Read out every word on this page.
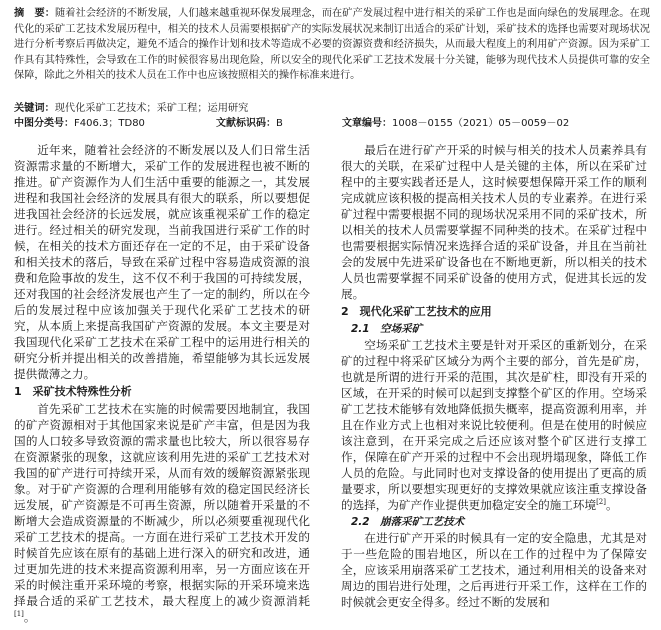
摘　要：随着社会经济的不断发展，人们越来越重视环保发展理念，而在矿产发展过程中进行相关的采矿工作也是面向绿色的发展理念。在现代化的采矿工艺技术发展历程中，相关的技术人员需要根据矿产的实际发展状况来制订出适合的采矿计划，采矿技术的选择也需要对现场状况进行分析考察后再做决定，避免不适合的操作计划和技术等造成不必要的资源资费和经济损失，从而最大程度上的利用矿产资源。因为采矿工作具有其特殊性，会导致在工作的时候很容易出现危险，所以安全的现代化采矿工艺技术发展十分关键，能够为现代技术人员提供可靠的安全保障，除此之外相关的技术人员在工作中也应该按照相关的操作标准来进行。
关键词：现代化采矿工艺技术；采矿工程；运用研究
中图分类号：F406.3；TD80	文献标识码：B	文章编号：1008－0155（2021）05－0059－02

近年来，随着社会经济的不断发展以及人们日常生活资源需求量的不断增大，采矿工作的发展进程也被不断的推进。矿产资源作为人们生活中重要的能源之一，其发展进程和我国社会经济的发展具有很大的联系，所以要想促进我国社会经济的长远发展，就应该重视采矿工作的稳定进行。经过相关的研究发现，当前我国进行采矿工作的时候，在相关的技术方面还存在一定的不足，由于采矿设备和相关技术的落后，导致在采矿过程中容易造成资源的浪费和危险事故的发生，这不仅不利于我国的可持续发展，还对我国的社会经济发展也产生了一定的制约，所以在今后的发展过程中应该加强关于现代化采矿工艺技术的研究，从本质上来提高我国矿产资源的发展。本文主要是对我国现代化采矿工艺技术在采矿工程中的运用进行相关的研究分析并提出相关的改善措施，希望能够为其长远发展提供微薄之力。

1　采矿技术特殊性分析

首先采矿工艺技术在实施的时候需要因地制宜，我国的矿产资源相对于其他国家来说是矿产丰富，但是因为我国的人口较多导致资源的需求量也比较大，所以很容易存在资源紧张的现象，这就应该利用先进的采矿工艺技术对我国的矿产进行可持续开采，从而有效的缓解资源紧张现象。对于矿产资源的合理利用能够有效的稳定国民经济长远发展，矿产资源是不可再生资源，所以随着开采量的不断增大会造成资源量的不断减少，所以必须要重视现代化采矿工艺技术的提高。一方面在进行采矿工艺技术开发的时候首先应该在原有的基础上进行深入的研究和改进，通过更加先进的技术来提高资源利用率，另一方面应该在开采的时候注重开采环境的考察，根据实际的开采环境来选择最合适的采矿工艺技术，最大程度上的减少资源消耗[1]。

最后在进行矿产开采的时候与相关的技术人员素养具有很大的关联，在采矿过程中人是关键的主体，所以在采矿过程中的主要实践者还是人，这时候要想保障开采工作的顺利完成就应该积极的提高相关技术人员的专业素养。在进行采矿过程中需要根据不同的现场状况采用不同的采矿技术，所以相关的技术人员需要掌握不同种类的技术。在采矿过程中也需要根据实际情况来选择合适的采矿设备，并且在当前社会的发展中先进采矿设备也在不断地更新，所以相关的技术人员也需要掌握不同采矿设备的使用方式，促进其长远的发展。

2　现代化采矿工艺技术的应用
2.1　空场采矿

空场采矿工艺技术主要是针对开采区的重新划分，在采矿的过程中将采矿区域分为两个主要的部分，首先是矿房，也就是所谓的进行开采的范围，其次是矿柱，即没有开采的区域，在开采的时候可以起到支撑整个矿区的作用。空场采矿工艺技术能够有效地降低损失概率，提高资源利用率，并且在作业方式上也相对来说比较便利。但是在使用的时候应该注意到，在开采完成之后还应该对整个矿区进行支撑工作，保障在矿产开采的过程中不会出现坍塌现象，降低工作人员的危险。与此同时也对支撑设备的使用提出了更高的质量要求，所以要想实现更好的支撑效果就应该注重支撑设备的选择，为矿产作业提供更加稳定安全的施工环境[2]。

2.2　崩落采矿工艺技术

在进行矿产开采的时候具有一定的安全隐患，尤其是对于一些危险的围岩地区，所以在工作的过程中为了保障安全，应该采用崩落采矿工艺技术，通过利用相关的设备来对周边的围岩进行处理，之后再进行开采工作，这样在工作的时候就会更安全得多。经过不断的发展和
